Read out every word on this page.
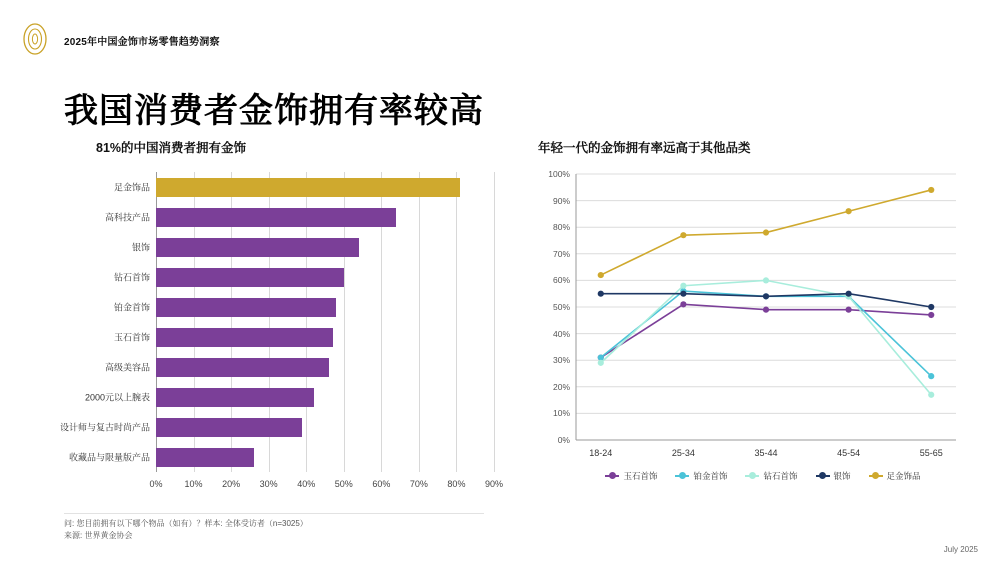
2025年中国金饰市场零售趋势洞察
我国消费者金饰拥有率较高
81%的中国消费者拥有金饰
0% 10% 20% 30% 40% 50% 60% 70% 80% 90%
足金饰品
高科技产品
银饰
钻石首饰
铂金首饰
玉石首饰
高级美容品
2000元以上腕表
设计师与复古时尚产品
收藏品与限量版产品
年轻一代的金饰拥有率远高于其他品类
0%
10%
20%
30%
40%
50%
60%
70%
80%
90%
100%
18-24	25-34	35-44	45-54	55-65
玉石首饰	铂金首饰	钻石首饰	银饰	足金饰品
问: 您目前拥有以下哪个物品（如有）？样本: 全体受访者（n=3025）
来源: 世界黄金协会
July 2025
